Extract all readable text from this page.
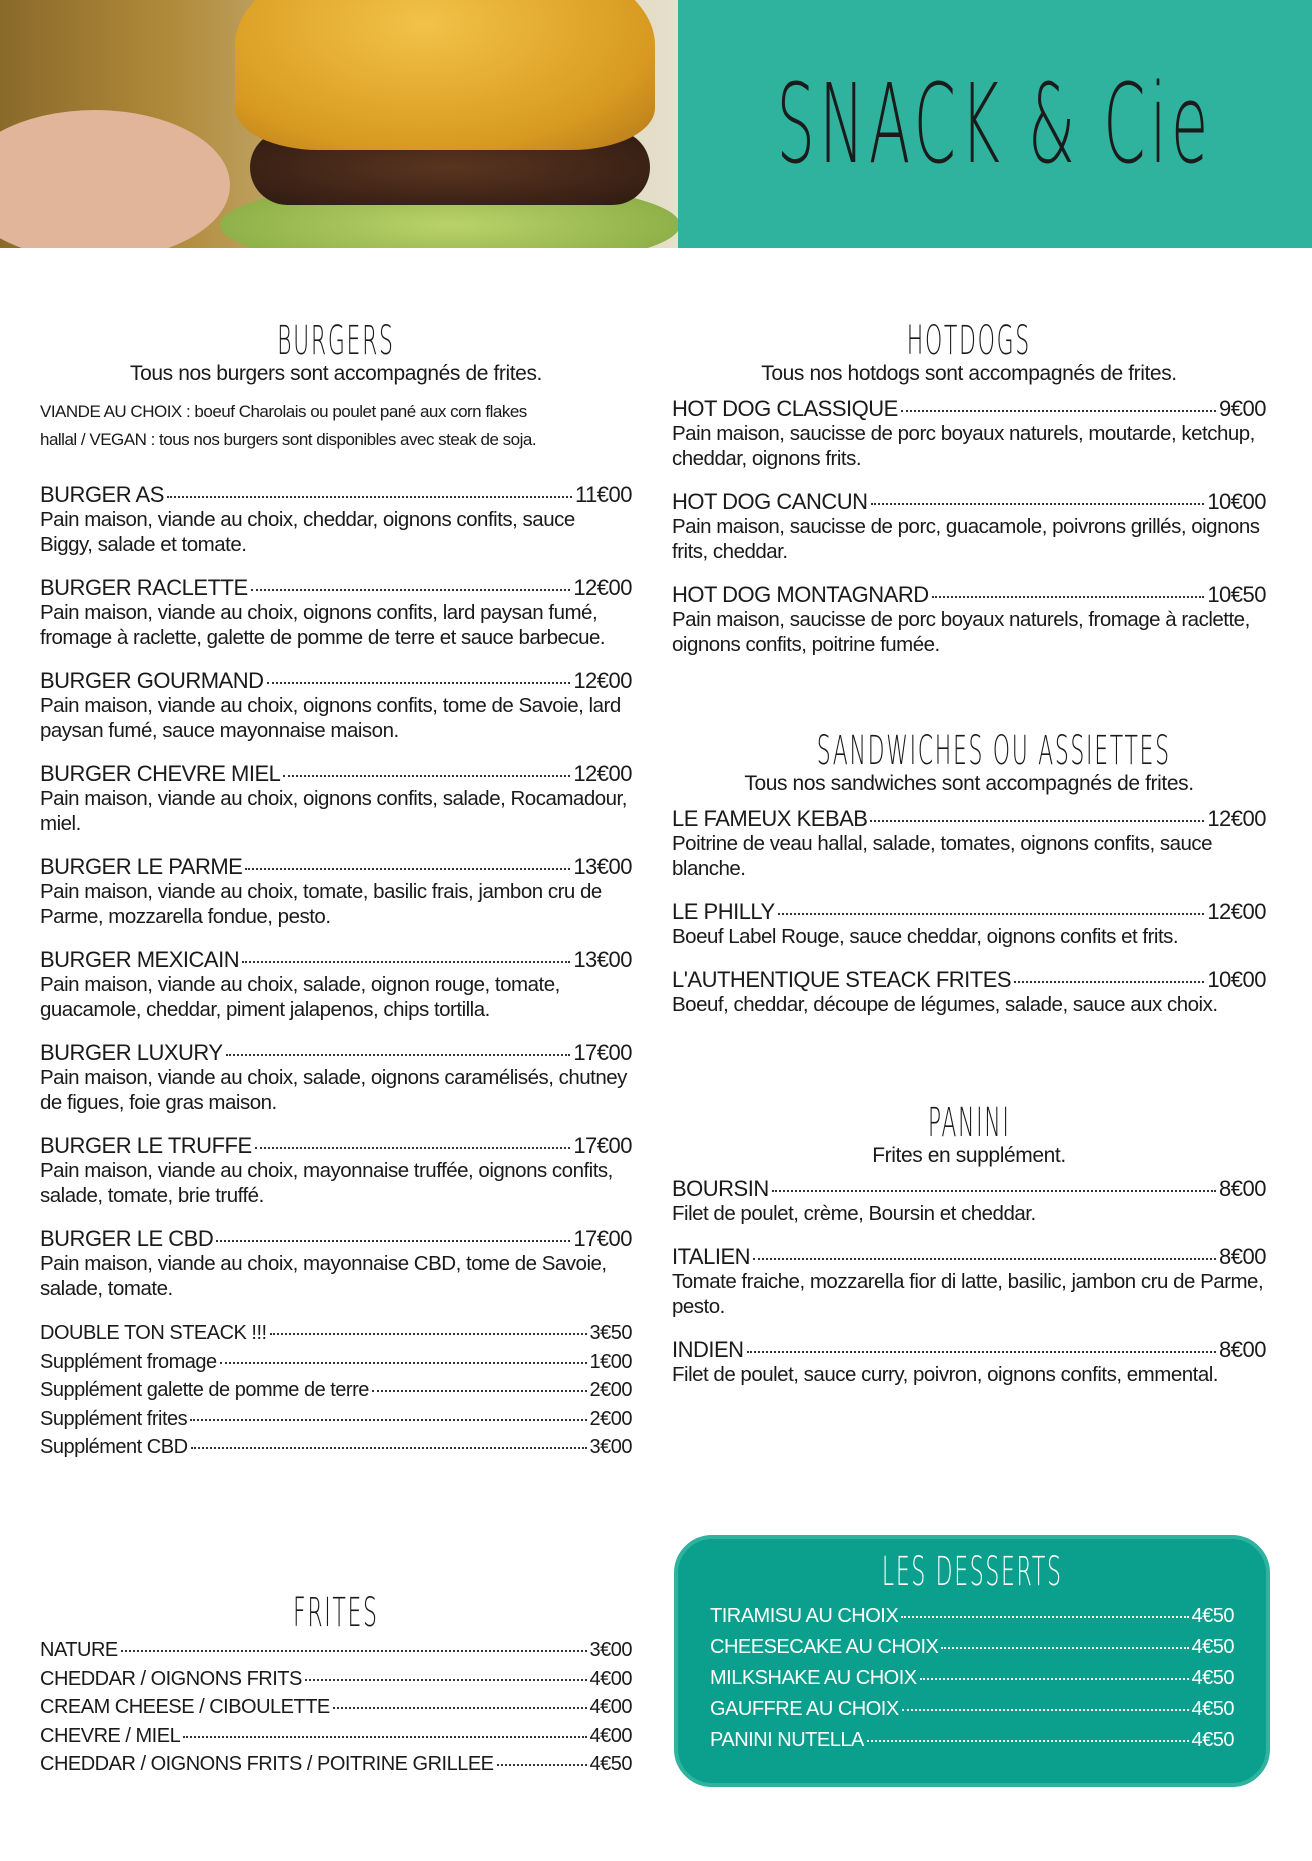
SNACK & Cie
BURGERS
Tous nos burgers sont accompagnés de frites.
VIANDE AU CHOIX : boeuf Charolais ou poulet pané aux corn flakes
hallal / VEGAN : tous nos burgers sont disponibles avec steak de soja.
BURGER AS	11€00
Pain maison, viande au choix, cheddar, oignons confits, sauce Biggy, salade et tomate.
BURGER RACLETTE	12€00
Pain maison, viande au choix, oignons confits, lard paysan fumé, fromage à raclette, galette de pomme de terre et sauce barbecue.
BURGER GOURMAND	12€00
Pain maison, viande au choix, oignons confits, tome de Savoie, lard paysan fumé, sauce mayonnaise maison.
BURGER CHEVRE MIEL	12€00
Pain maison, viande au choix, oignons confits, salade, Rocamadour, miel.
BURGER LE PARME	13€00
Pain maison, viande au choix, tomate, basilic frais, jambon cru de Parme, mozzarella fondue, pesto.
BURGER MEXICAIN	13€00
Pain maison, viande au choix, salade, oignon rouge, tomate, guacamole, cheddar, piment jalapenos, chips tortilla.
BURGER LUXURY	17€00
Pain maison, viande au choix, salade, oignons caramélisés, chutney de figues, foie gras maison.
BURGER LE TRUFFE	17€00
Pain maison, viande au choix, mayonnaise truffée, oignons confits, salade, tomate, brie truffé.
BURGER LE CBD	17€00
Pain maison, viande au choix, mayonnaise CBD, tome de Savoie, salade, tomate.
DOUBLE TON STEACK !!!	3€50
Supplément fromage	1€00
Supplément galette de pomme de terre	2€00
Supplément frites	2€00
Supplément CBD	3€00
FRITES
NATURE	3€00
CHEDDAR / OIGNONS FRITS	4€00
CREAM CHEESE / CIBOULETTE	4€00
CHEVRE / MIEL	4€00
CHEDDAR / OIGNONS FRITS / POITRINE GRILLEE	4€50
HOTDOGS
Tous nos hotdogs sont accompagnés de frites.
HOT DOG CLASSIQUE	9€00
Pain maison, saucisse de porc boyaux naturels, moutarde, ketchup, cheddar, oignons frits.
HOT DOG CANCUN	10€00
Pain maison, saucisse de porc, guacamole, poivrons grillés, oignons frits, cheddar.
HOT DOG MONTAGNARD	10€50
Pain maison, saucisse de porc boyaux naturels, fromage à raclette, oignons confits, poitrine fumée.
SANDWICHES OU ASSIETTES
Tous nos sandwiches sont accompagnés de frites.
LE FAMEUX KEBAB	12€00
Poitrine de veau hallal, salade, tomates, oignons confits, sauce blanche.
LE PHILLY	12€00
Boeuf Label Rouge, sauce cheddar, oignons confits et frits.
L'AUTHENTIQUE STEACK FRITES	10€00
Boeuf, cheddar, découpe de légumes, salade, sauce aux choix.
PANINI
Frites en supplément.
BOURSIN	8€00
Filet de poulet, crème, Boursin et cheddar.
ITALIEN	8€00
Tomate fraiche, mozzarella fior di latte, basilic, jambon cru de Parme, pesto.
INDIEN	8€00
Filet de poulet, sauce curry, poivron, oignons confits, emmental.
LES DESSERTS
TIRAMISU AU CHOIX	4€50
CHEESECAKE AU CHOIX	4€50
MILKSHAKE AU CHOIX	4€50
GAUFFRE AU CHOIX	4€50
PANINI NUTELLA	4€50
